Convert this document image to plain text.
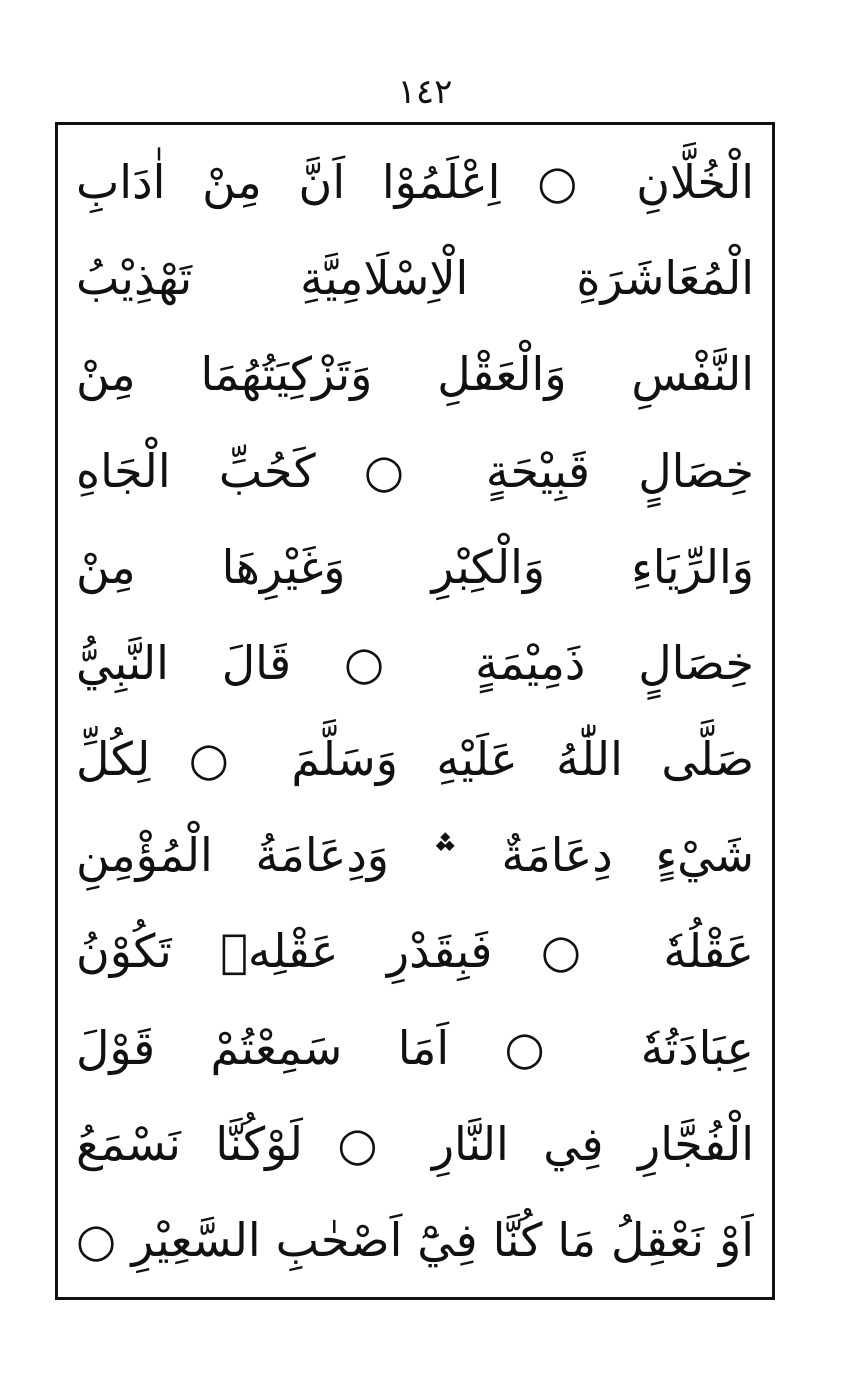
١٤٢
الْخُلَّانِ ○ اِعْلَمُوْا اَنَّ مِنْ اٰدَابِ
الْمُعَاشَرَةِ الْاِسْلَامِيَّةِ تَهْذِيْبُ
النَّفْسِ وَالْعَقْلِ وَتَزْكِيَتُهُمَا مِنْ
خِصَالٍ قَبِيْحَةٍ ○ كَحُبِّ الْجَاهِ
وَالرِّيَاءِ وَالْكِبْرِ وَغَيْرِهَا مِنْ
خِصَالٍ ذَمِيْمَةٍ ○ قَالَ النَّبِيُّ
صَلَّى اللّٰهُ عَلَيْهِ وَسَلَّمَ ○ لِكُلِّ
شَيْءٍ دِعَامَةٌ ؞ وَدِعَامَةُ الْمُؤْمِنِ
عَقْلُهٗ ○ فَبِقَدْرِ عَقْلِهٖ تَكُوْنُ
عِبَادَتُهٗ ○ اَمَا سَمِعْتُمْ قَوْلَ
الْفُجَّارِ فِي النَّارِ ○ لَوْكُنَّا نَسْمَعُ
اَوْ نَعْقِلُ مَا كُنَّا فِيْٓ اَصْحٰبِ السَّعِيْرِ ○
